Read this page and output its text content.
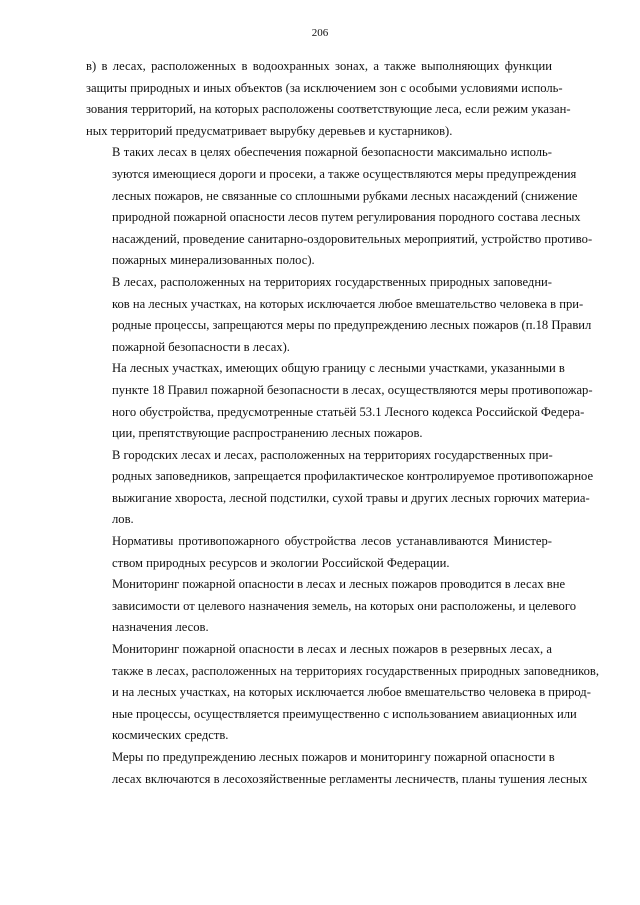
206

в) в лесах, расположенных в водоохранных зонах, а также выполняющих функции
защиты природных и иных объектов (за исключением зон с особыми условиями исполь-
зования территорий, на которых расположены соответствующие леса, если режим указан-
ных территорий предусматривает вырубку деревьев и кустарников).

В таких лесах в целях обеспечения пожарной безопасности максимально исполь-
зуются имеющиеся дороги и просеки, а также осуществляются меры предупреждения
лесных пожаров, не связанные со сплошными рубками лесных насаждений (снижение
природной пожарной опасности лесов путем регулирования породного состава лесных
насаждений, проведение санитарно-оздоровительных мероприятий, устройство противо-
пожарных минерализованных полос).

В лесах, расположенных на территориях государственных природных заповедни-
ков на лесных участках, на которых исключается любое вмешательство человека в при-
родные процессы, запрещаются меры по предупреждению лесных пожаров (п.18 Правил
пожарной безопасности в лесах).

На лесных участках, имеющих общую границу с лесными участками, указанными в
пункте 18 Правил пожарной безопасности в лесах, осуществляются меры противопожар-
ного обустройства, предусмотренные статьёй 53.1 Лесного кодекса Российской Федера-
ции, препятствующие распространению лесных пожаров.

В городских лесах и лесах, расположенных на территориях государственных при-
родных заповедников, запрещается профилактическое контролируемое противопожарное
выжигание хвороста, лесной подстилки, сухой травы и других лесных горючих материа-
лов.

Нормативы противопожарного обустройства лесов устанавливаются Министер-
ством природных ресурсов и экологии Российской Федерации.

Мониторинг пожарной опасности в лесах и лесных пожаров проводится в лесах вне
зависимости от целевого назначения земель, на которых они расположены, и целевого
назначения лесов.

Мониторинг пожарной опасности в лесах и лесных пожаров в резервных лесах, а
также в лесах, расположенных на территориях государственных природных заповедников,
и на лесных участках, на которых исключается любое вмешательство человека в природ-
ные процессы, осуществляется преимущественно с использованием авиационных или
космических средств.

Меры по предупреждению лесных пожаров и мониторингу пожарной опасности в
лесах включаются в лесохозяйственные регламенты лесничеств, планы тушения лесных
